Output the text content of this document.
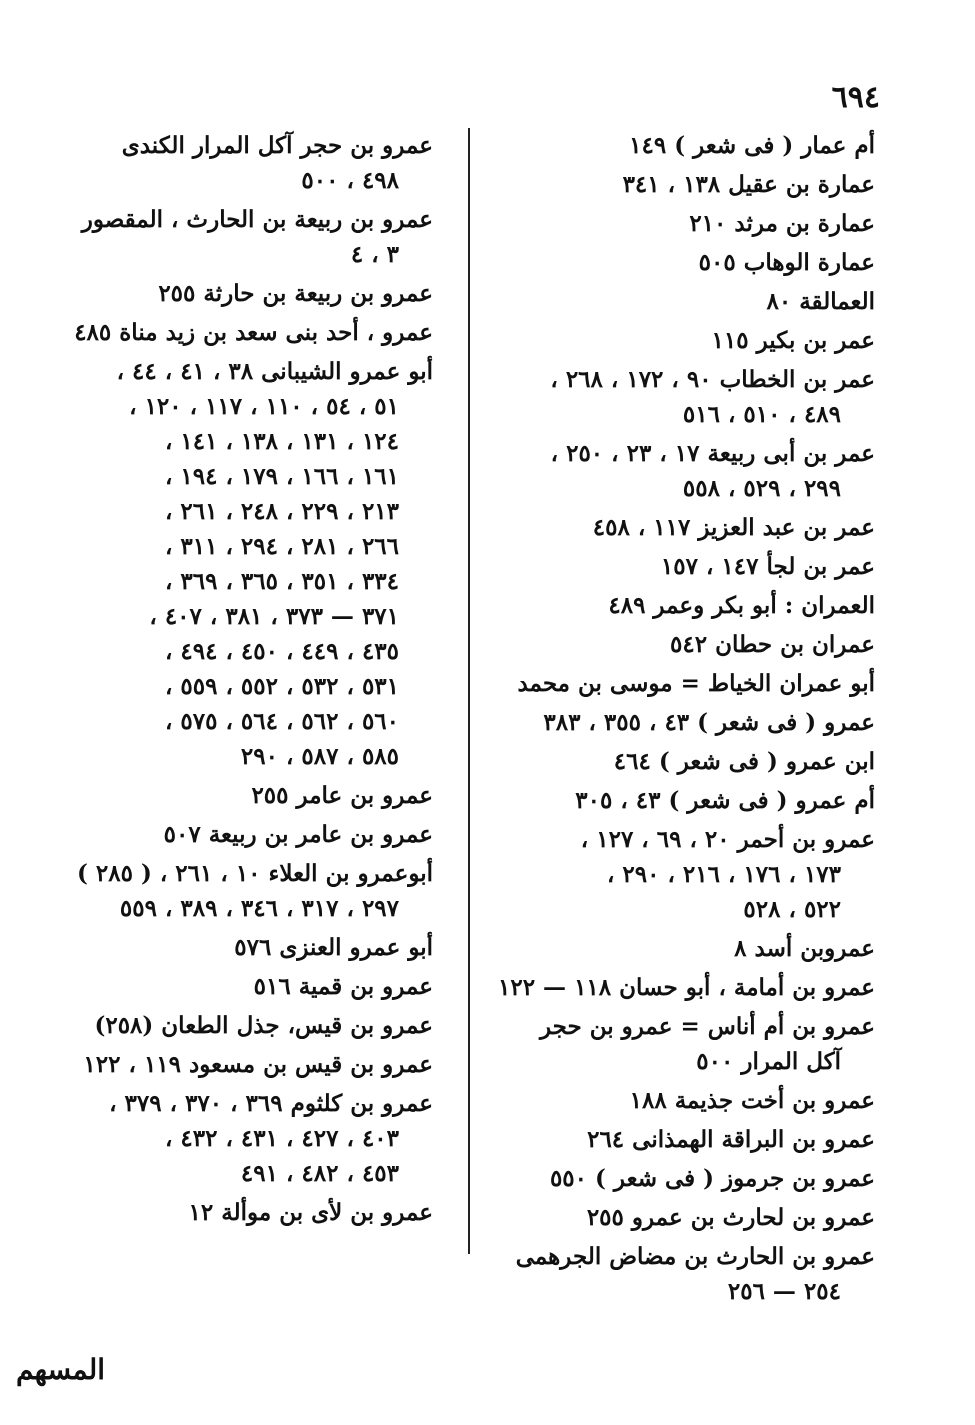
٦٩٤

أم عمار ( فى شعر ) ١٤٩

عمارة بن عقيل ١٣٨ ، ٣٤١

عمارة بن مرثد ٢١٠

عمارة الوهاب ٥٠٥

العمالقة ٨٠

عمر بن بكير ١١٥

عمر بن الخطاب ٩٠ ، ١٧٢ ، ٢٦٨ ،

٤٨٩ ، ٥١٠ ، ٥١٦

عمر بن أبى ربيعة ١٧ ، ٢٣ ، ٢٥٠ ،

٢٩٩ ، ٥٢٩ ، ٥٥٨

عمر بن عبد العزيز ١١٧ ، ٤٥٨

عمر بن لجأ ١٤٧ ، ١٥٧

العمران : أبو بكر وعمر ٤٨٩

عمران بن حطان ٥٤٢

أبو عمران الخياط = موسى بن محمد

عمرو ( فى شعر ) ٤٣ ، ٣٥٥ ، ٣٨٣

ابن عمرو ( فى شعر ) ٤٦٤

أم عمرو ( فى شعر ) ٤٣ ، ٣٠٥

عمرو بن أحمر ٢٠ ، ٦٩ ، ١٢٧ ،

١٧٣ ، ١٧٦ ، ٢١٦ ، ٢٩٠ ،

٥٢٢ ، ٥٢٨

عمروبن أسد ٨

عمرو بن أمامة ، أبو حسان ١١٨ — ١٢٢

عمرو بن أم أناس = عمرو بن حجر

آكل المرار ٥٠٠

عمرو بن أخت جذيمة ١٨٨

عمرو بن البراقة الهمذانى ٢٦٤

عمرو بن جرموز ( فى شعر ) ٥٥٠

عمرو بن لحارث بن عمرو ٢٥٥

عمرو بن الحارث بن مضاض الجرهمى

٢٥٤ — ٢٥٦

عمرو بن حجر آكل المرار الكندى

٤٩٨ ، ٥٠٠

عمرو بن ربيعة بن الحارث ، المقصور

٣ ، ٤

عمرو بن ربيعة بن حارثة ٢٥٥

عمرو ، أحد بنى سعد بن زيد مناة ٤٨٥

أبو عمرو الشيبانى ٣٨ ، ٤١ ، ٤٤ ،

٥١ ، ٥٤ ، ١١٠ ، ١١٧ ، ١٢٠ ،

١٢٤ ، ١٣١ ، ١٣٨ ، ١٤١ ،

١٦١ ، ١٦٦ ، ١٧٩ ، ١٩٤ ،

٢١٣ ، ٢٢٩ ، ٢٤٨ ، ٢٦١ ،

٢٦٦ ، ٢٨١ ، ٢٩٤ ، ٣١١ ،

٣٣٤ ، ٣٥١ ، ٣٦٥ ، ٣٦٩ ،

٣٧١ — ٣٧٣ ، ٣٨١ ، ٤٠٧ ،

٤٣٥ ، ٤٤٩ ، ٤٥٠ ، ٤٩٤ ،

٥٣١ ، ٥٣٢ ، ٥٥٢ ، ٥٥٩ ،

٥٦٠ ، ٥٦٢ ، ٥٦٤ ، ٥٧٥ ،

٥٨٥ ، ٥٨٧ ، ٢٩٠

عمرو بن عامر ٢٥٥

عمرو بن عامر بن ربيعة ٥٠٧

أبوعمرو بن العلاء ١٠ ، ٢٦١ ، ( ٢٨٥ )

٢٩٧ ، ٣١٧ ، ٣٤٦ ، ٣٨٩ ، ٥٥٩

أبو عمرو العنزى ٥٧٦

عمرو بن قمية ٥١٦

عمرو بن قيس، جذل الطعان (٢٥٨)

عمرو بن قيس بن مسعود ١١٩ ، ١٢٢

عمرو بن كلثوم ٣٦٩ ، ٣٧٠ ، ٣٧٩ ،

٤٠٣ ، ٤٢٧ ، ٤٣١ ، ٤٣٢ ،

٤٥٣ ، ٤٨٢ ، ٤٩١

عمرو بن لأى بن موألة ١٢

المسهم
